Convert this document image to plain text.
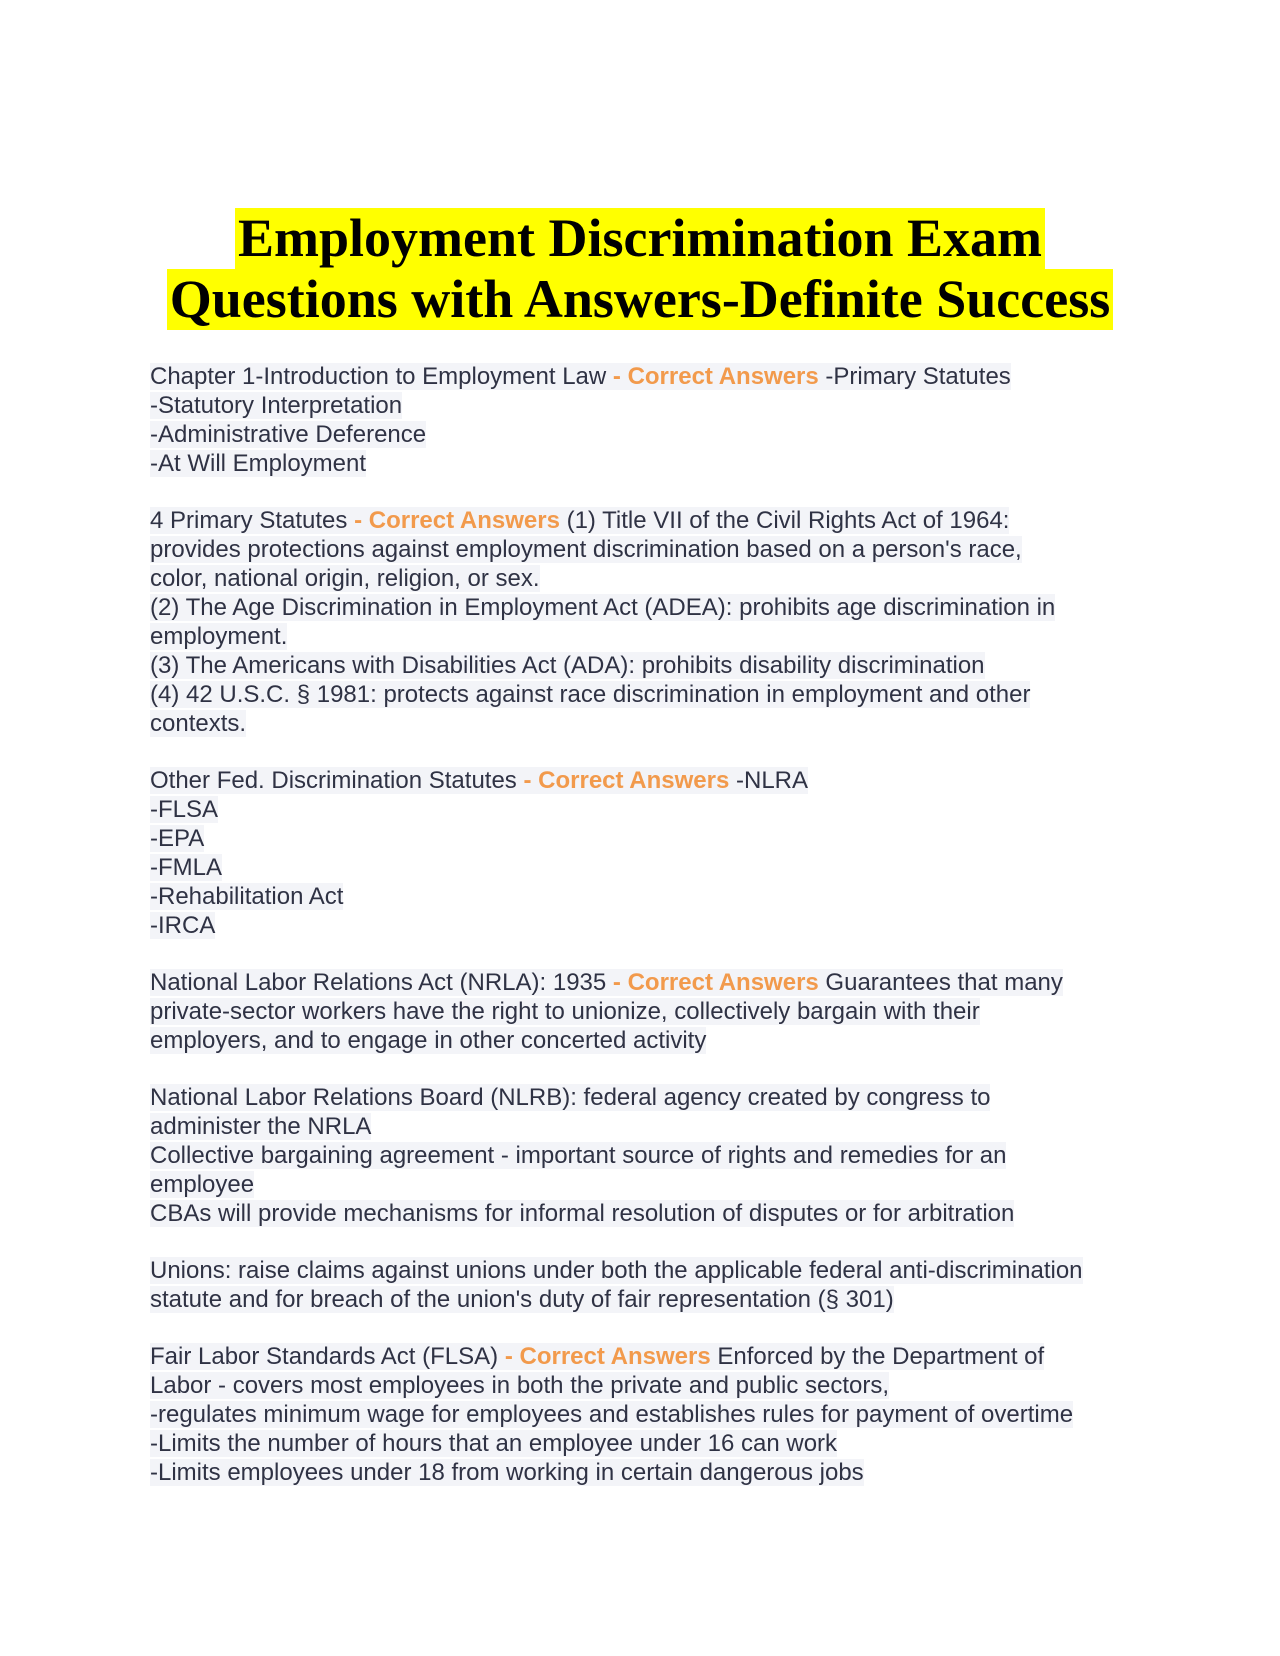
Employment Discrimination Exam
Questions with Answers-Definite Success
Chapter 1-Introduction to Employment Law - Correct Answers -Primary Statutes
-Statutory Interpretation
-Administrative Deference
-At Will Employment
4 Primary Statutes - Correct Answers (1) Title VII of the Civil Rights Act of 1964:
provides protections against employment discrimination based on a person's race,
color, national origin, religion, or sex.
(2) The Age Discrimination in Employment Act (ADEA): prohibits age discrimination in
employment.
(3) The Americans with Disabilities Act (ADA): prohibits disability discrimination
(4) 42 U.S.C. § 1981: protects against race discrimination in employment and other
contexts.
Other Fed. Discrimination Statutes - Correct Answers -NLRA
-FLSA
-EPA
-FMLA
-Rehabilitation Act
-IRCA
National Labor Relations Act (NRLA): 1935 - Correct Answers Guarantees that many
private-sector workers have the right to unionize, collectively bargain with their
employers, and to engage in other concerted activity
National Labor Relations Board (NLRB): federal agency created by congress to
administer the NRLA
Collective bargaining agreement - important source of rights and remedies for an
employee
CBAs will provide mechanisms for informal resolution of disputes or for arbitration
Unions: raise claims against unions under both the applicable federal anti-discrimination
statute and for breach of the union's duty of fair representation (§ 301)
Fair Labor Standards Act (FLSA) - Correct Answers Enforced by the Department of
Labor - covers most employees in both the private and public sectors,
-regulates minimum wage for employees and establishes rules for payment of overtime
-Limits the number of hours that an employee under 16 can work
-Limits employees under 18 from working in certain dangerous jobs
